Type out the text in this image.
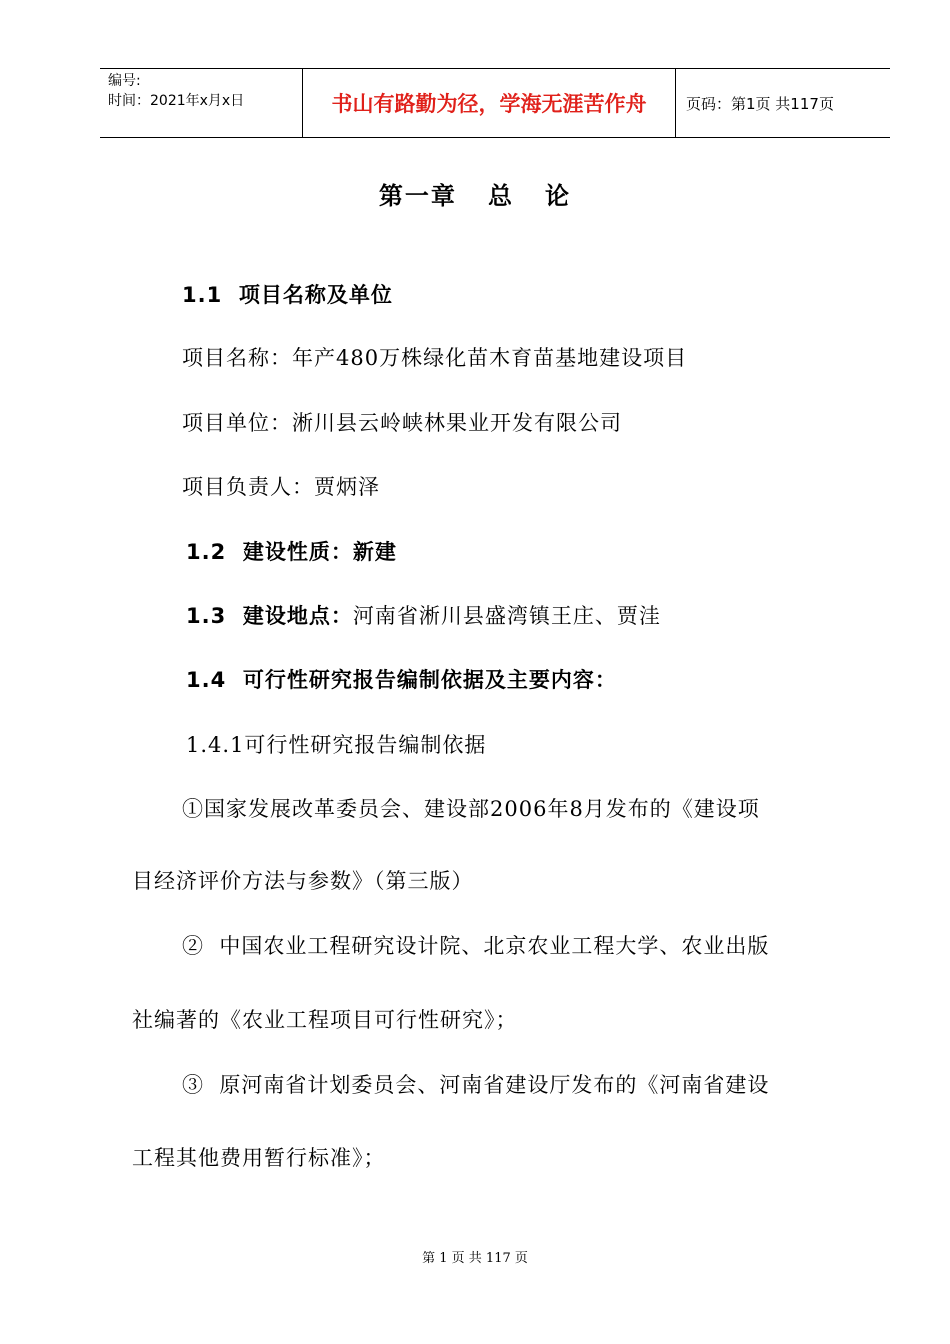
编号:
时间：2021年x月x日	书山有路勤为径，学海无涯苦作舟	页码：第1页 共117页
第一章   总   论
1.1  项目名称及单位
项目名称：年产480万株绿化苗木育苗基地建设项目
项目单位：淅川县云岭峡林果业开发有限公司
项目负责人：贾炳泽
1.2  建设性质：新建
1.3  建设地点：河南省淅川县盛湾镇王庄、贾洼
1.4  可行性研究报告编制依据及主要内容：
1.4.1可行性研究报告编制依据
①国家发展改革委员会、建设部2006年8月发布的《建设项
目经济评价方法与参数》（第三版）
②  中国农业工程研究设计院、北京农业工程大学、农业出版
社编著的《农业工程项目可行性研究》；
③  原河南省计划委员会、河南省建设厅发布的《河南省建设
工程其他费用暂行标准》；
第 1 页 共 117 页
